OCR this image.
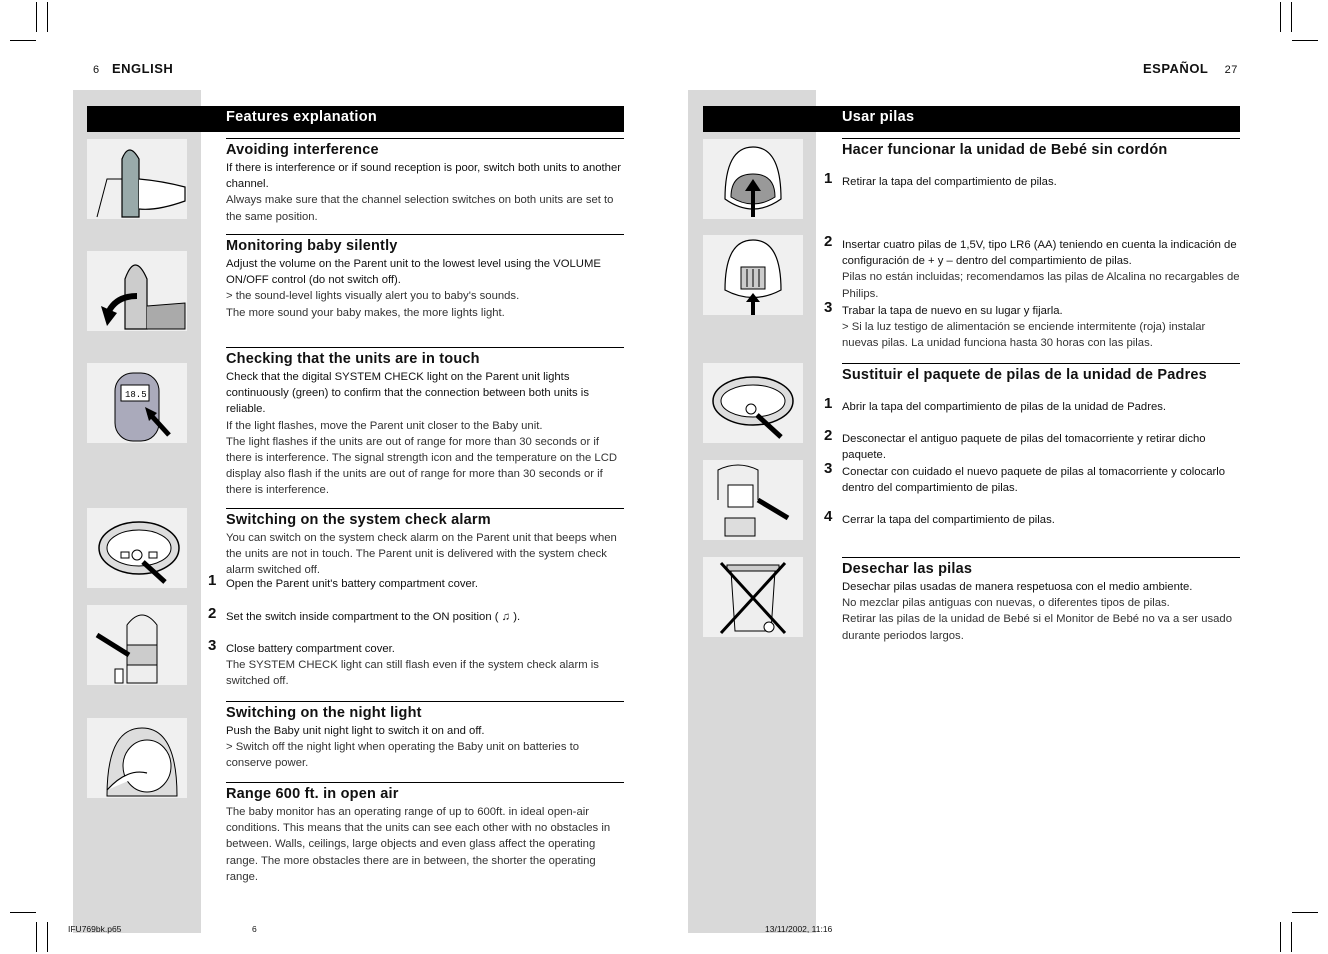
6 ENGLISH
Features explanation
18.5
Avoiding interference

If there is interference or if sound reception is poor, switch both units to another channel.

Always make sure that the channel selection switches on both units are set to the same position.

Monitoring baby silently

Adjust the volume on the Parent unit to the lowest level using the VOLUME ON/OFF control (do not switch off).

> the sound-level lights visually alert you to baby's sounds.

The more sound your baby makes, the more lights light.

Checking that the units are in touch

Check that the digital SYSTEM CHECK light on the Parent unit lights continuously (green) to confirm that the connection between both units is reliable.

If the light flashes, move the Parent unit closer to the Baby unit.

The light flashes if the units are out of range for more than 30 seconds or if there is interference. The signal strength icon and the temperature on the LCD display also flash if the units are out of range for more than 30 seconds or if there is interference.

Switching on the system check alarm

You can switch on the system check alarm on the Parent unit that beeps when the units are not in touch. The Parent unit is delivered with the system check alarm switched off.

1 Open the Parent unit's battery compartment cover.

2 Set the switch inside compartment to the ON position ( ♫ ).

3 Close battery compartment cover.

The SYSTEM CHECK light can still flash even if the system check alarm is switched off.

Switching on the night light

Push the Baby unit night light to switch it on and off.

> Switch off the night light when operating the Baby unit on batteries to conserve power.

Range 600 ft. in open air

The baby monitor has an operating range of up to 600ft. in ideal open-air conditions. This means that the units can see each other with no obstacles in between. Walls, ceilings, large objects and even glass affect the operating range. The more obstacles there are in between, the shorter the operating range.

IFU769bk.p65	6
ESPAÑOL 27
Usar pilas
Hacer funcionar la unidad de Bebé sin cordón
1 Retirar la tapa del compartimiento de pilas.

2 Insertar cuatro pilas de 1,5V, tipo LR6 (AA) teniendo en cuenta la indicación de configuración de + y – dentro del compartimiento de pilas.

Pilas no están incluidas; recomendamos las pilas de Alcalina no recargables de Philips.

3 Trabar la tapa de nuevo en su lugar y fijarla.

> Si la luz testigo de alimentación se enciende intermitente (roja) instalar nuevas pilas. La unidad funciona hasta 30 horas con las pilas.

Sustituir el paquete de pilas de la unidad de Padres
1 Abrir la tapa del compartimiento de pilas de la unidad de Padres.

2 Desconectar el antiguo paquete de pilas del tomacorriente y retirar dicho paquete.

3 Conectar con cuidado el nuevo paquete de pilas al tomacorriente y colocarlo dentro del compartimiento de pilas.

4 Cerrar la tapa del compartimiento de pilas.

Desechar las pilas

Desechar pilas usadas de manera respetuosa con el medio ambiente.

No mezclar pilas antiguas con nuevas, o diferentes tipos de pilas.

Retirar las pilas de la unidad de Bebé si el Monitor de Bebé no va a ser usado durante periodos largos.

13/11/2002, 11:16
